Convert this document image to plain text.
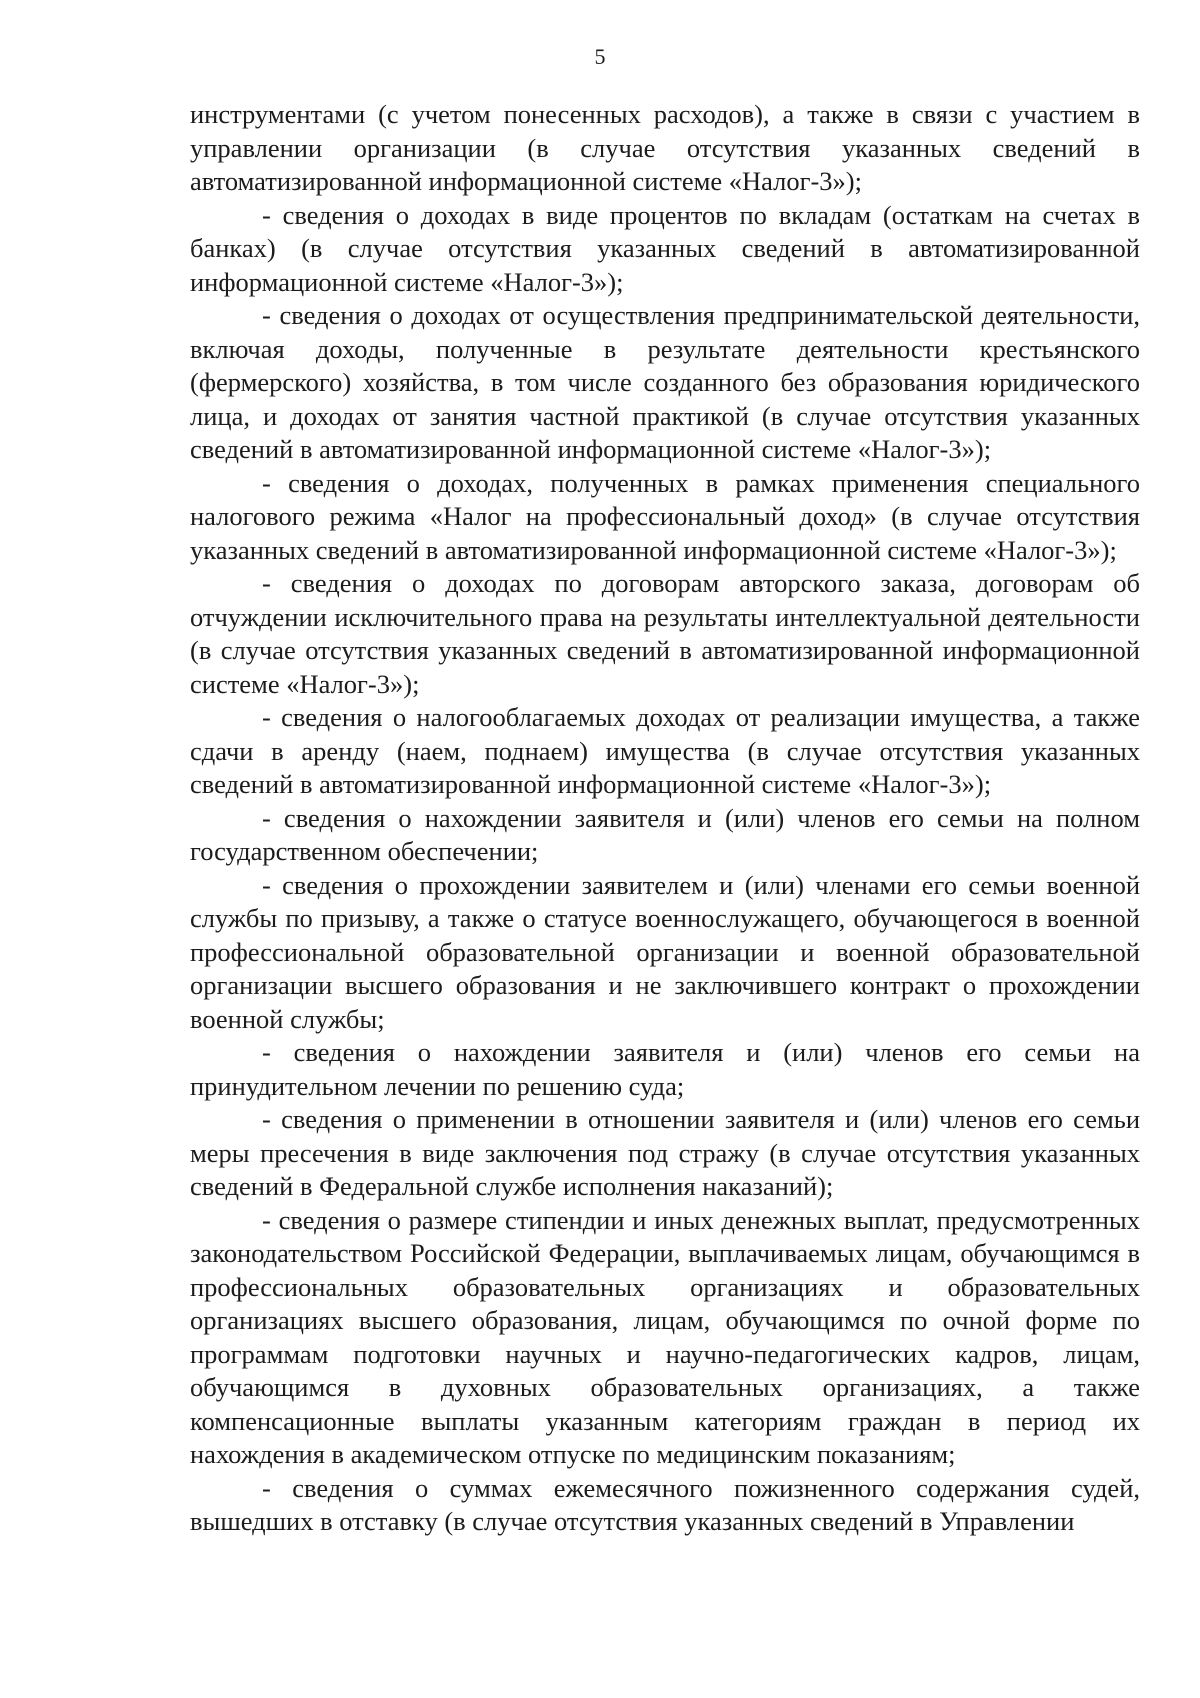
5

инструментами (с учетом понесенных расходов), а также в связи с участием в управлении организации (в случае отсутствия указанных сведений в автоматизированной информационной системе «Налог-3»);

- сведения о доходах в виде процентов по вкладам (остаткам на счетах в банках) (в случае отсутствия указанных сведений в автоматизированной информационной системе «Налог-3»);

- сведения о доходах от осуществления предпринимательской деятельности, включая доходы, полученные в результате деятельности крестьянского (фермерского) хозяйства, в том числе созданного без образования юридического лица, и доходах от занятия частной практикой (в случае отсутствия указанных сведений в автоматизированной информационной системе «Налог-3»);

- сведения о доходах, полученных в рамках применения специального налогового режима «Налог на профессиональный доход» (в случае отсутствия указанных сведений в автоматизированной информационной системе «Налог-3»);

- сведения о доходах по договорам авторского заказа, договорам об отчуждении исключительного права на результаты интеллектуальной деятельности (в случае отсутствия указанных сведений в автоматизированной информационной системе «Налог-3»);

- сведения о налогооблагаемых доходах от реализации имущества, а также сдачи в аренду (наем, поднаем) имущества (в случае отсутствия указанных сведений в автоматизированной информационной системе «Налог-3»);

- сведения о нахождении заявителя и (или) членов его семьи на полном государственном обеспечении;

- сведения о прохождении заявителем и (или) членами его семьи военной службы по призыву, а также о статусе военнослужащего, обучающегося в военной профессиональной образовательной организации и военной образовательной организации высшего образования и не заключившего контракт о прохождении военной службы;

- сведения о нахождении заявителя и (или) членов его семьи на принудительном лечении по решению суда;

- сведения о применении в отношении заявителя и (или) членов его семьи меры пресечения в виде заключения под стражу (в случае отсутствия указанных сведений в Федеральной службе исполнения наказаний);

- сведения о размере стипендии и иных денежных выплат, предусмотренных законодательством Российской Федерации, выплачиваемых лицам, обучающимся в профессиональных образовательных организациях и образовательных организациях высшего образования, лицам, обучающимся по очной форме по программам подготовки научных и научно-педагогических кадров, лицам, обучающимся в духовных образовательных организациях, а также компенсационные выплаты указанным категориям граждан в период их нахождения в академическом отпуске по медицинским показаниям;

- сведения о суммах ежемесячного пожизненного содержания судей, вышедших в отставку (в случае отсутствия указанных сведений в Управлении
